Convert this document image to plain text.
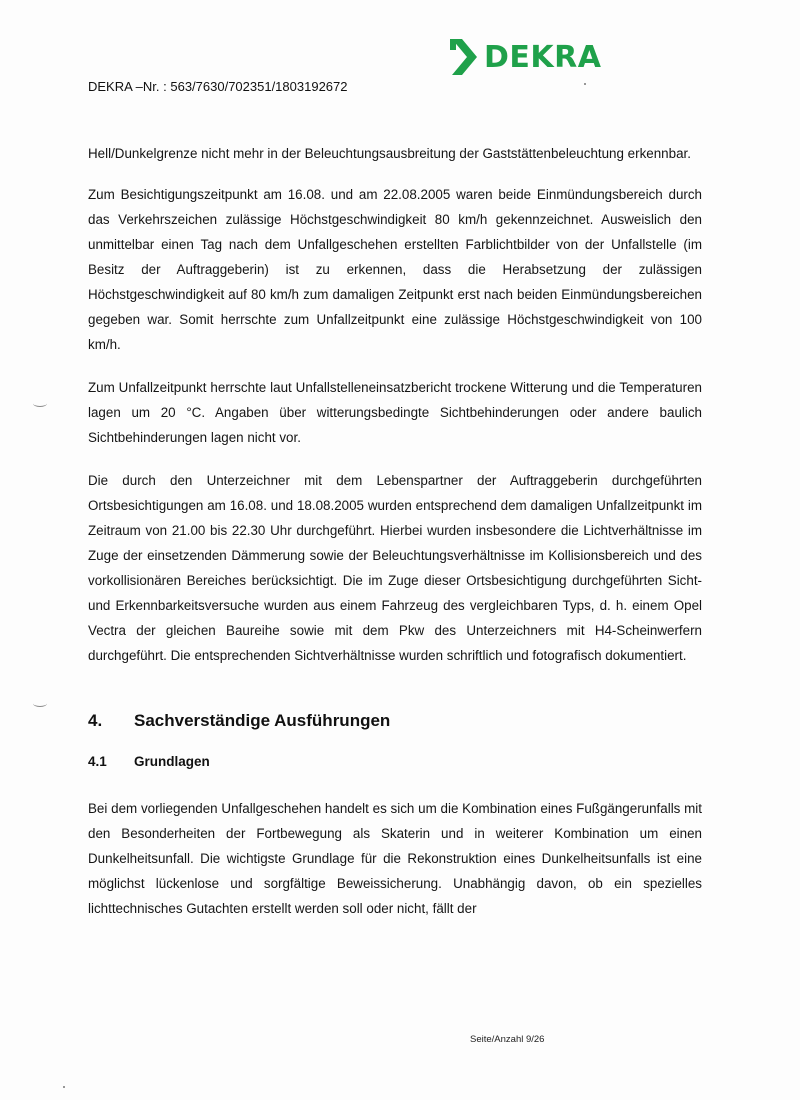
DEKRA
DEKRA –Nr. : 563/7630/702351/1803192672

Hell/Dunkelgrenze nicht mehr in der Beleuchtungsausbreitung der Gaststättenbeleuchtung erkennbar.

Zum Besichtigungszeitpunkt am 16.08. und am 22.08.2005 waren beide Einmündungsbereich durch das Verkehrszeichen zulässige Höchstgeschwindigkeit 80 km/h gekennzeichnet. Ausweislich den unmittelbar einen Tag nach dem Unfallgeschehen erstellten Farblichtbilder von der Unfallstelle (im Besitz der Auftraggeberin) ist zu erkennen, dass die Herabsetzung der zulässigen Höchstgeschwindigkeit auf 80 km/h zum damaligen Zeitpunkt erst nach beiden Einmündungsbereichen gegeben war. Somit herrschte zum Unfallzeitpunkt eine zulässige Höchstgeschwindigkeit von 100 km/h.

Zum Unfallzeitpunkt herrschte laut Unfallstelleneinsatzbericht trockene Witterung und die Temperaturen lagen um 20 °C. Angaben über witterungsbedingte Sichtbehinderungen oder andere baulich Sichtbehinderungen lagen nicht vor.

Die durch den Unterzeichner mit dem Lebenspartner der Auftraggeberin durchgeführten Ortsbesichtigungen am 16.08. und 18.08.2005 wurden entsprechend dem damaligen Unfallzeitpunkt im Zeitraum von 21.00 bis 22.30 Uhr durchgeführt. Hierbei wurden insbesondere die Lichtverhältnisse im Zuge der einsetzenden Dämmerung sowie der Beleuchtungsverhältnisse im Kollisionsbereich und des vorkollisionären Bereiches berücksichtigt. Die im Zuge dieser Ortsbesichtigung durchgeführten Sicht- und Erkennbarkeitsversuche wurden aus einem Fahrzeug des vergleichbaren Typs, d. h. einem Opel Vectra der gleichen Baureihe sowie mit dem Pkw des Unterzeichners mit H4-Scheinwerfern durchgeführt. Die entsprechenden Sichtverhältnisse wurden schriftlich und fotografisch dokumentiert.

4.	Sachverständige Ausführungen
4.1	Grundlagen

Bei dem vorliegenden Unfallgeschehen handelt es sich um die Kombination eines Fußgängerunfalls mit den Besonderheiten der Fortbewegung als Skaterin und in weiterer Kombination um einen Dunkelheitsunfall. Die wichtigste Grundlage für die Rekonstruktion eines Dunkelheitsunfalls ist eine möglichst lückenlose und sorgfältige Beweissicherung. Unabhängig davon, ob ein spezielles lichttechnisches Gutachten erstellt werden soll oder nicht, fällt der

Seite/Anzahl 9/26
